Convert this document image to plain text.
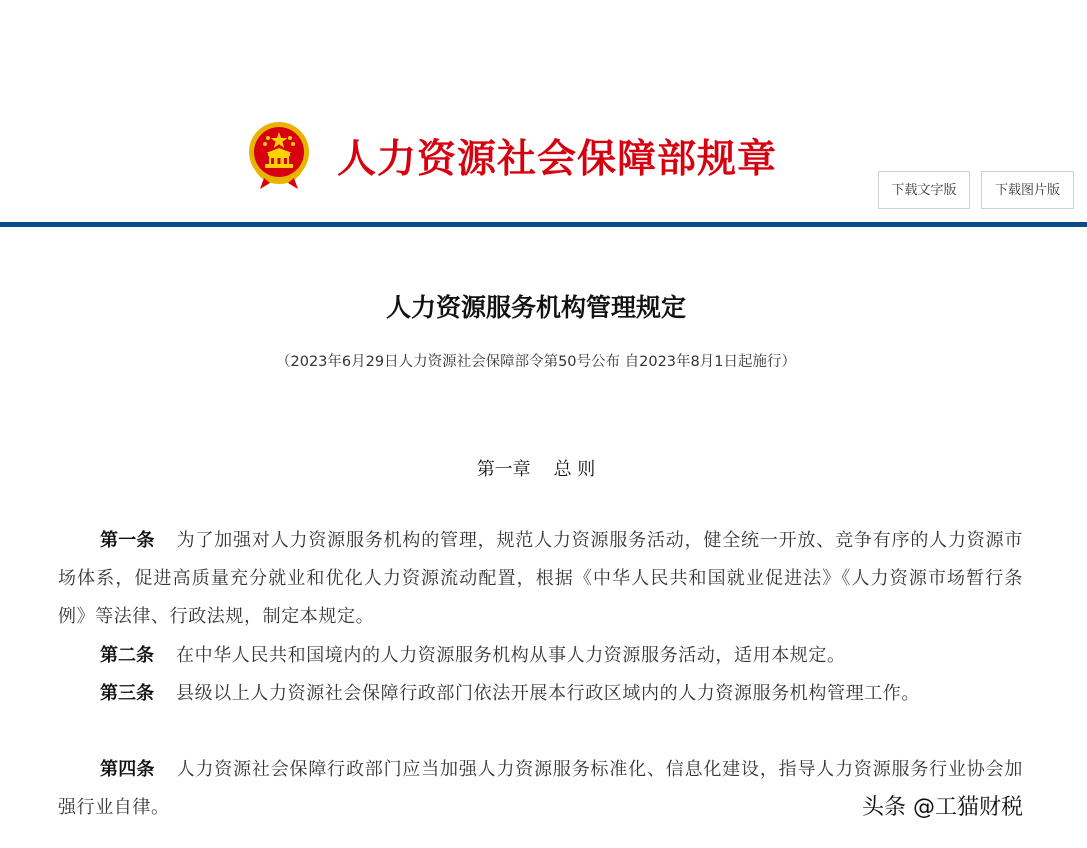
人力资源社会保障部规章
下载文字版	下载图片版
人力资源服务机构管理规定
（2023年6月29日人力资源社会保障部令第50号公布 自2023年8月1日起施行）
第一章    总 则

第一条 为了加强对人力资源服务机构的管理，规范人力资源服务活动，健全统一开放、竞争有序的人力资源市场体系，促进高质量充分就业和优化人力资源流动配置，根据《中华人民共和国就业促进法》《人力资源市场暂行条例》等法律、行政法规，制定本规定。

第二条 在中华人民共和国境内的人力资源服务机构从事人力资源服务活动，适用本规定。

第三条 县级以上人力资源社会保障行政部门依法开展本行政区域内的人力资源服务机构管理工作。

第四条 人力资源社会保障行政部门应当加强人力资源服务标准化、信息化建设，指导人力资源服务行业协会加强行业自律。	头条 @工猫财税
